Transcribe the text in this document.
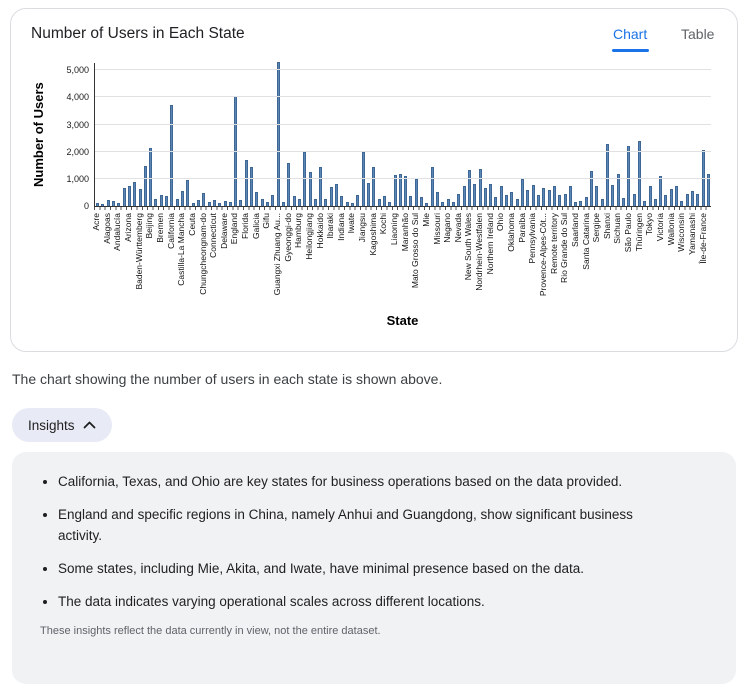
Number of Users in Each State	Chart Table
Number of Users
0
1,000
2,000
3,000
4,000
5,000
Acre Alagoas Andalucía Arizona Baden-Württemberg Beijing Bremen California Castilla-La Mancha Ceuta Chungcheongnam-do Connecticut Delaware England Florida Galicia Gifu Guangxi Zhuang Au... Gyeonggi-do Hamburg Heilongjiang Hokkaido Ibaraki Indiana Iwate Jiangsu Kagoshima Kochi Liaoning Maranhão Mato Grosso do Sul Mie Missouri Nagano Nevada New South Wales Nordrhein-Westfalen Northern Ireland Ohio Oklahoma Paraíba Pennsylvania Provence-Alpes-Côt... Remote territory Rio Grande do Sul Saarland Santa Catarina Sergipe Shanxi Sichuan São Paulo Thüringen Tokyo Victoria Wallonia Wisconsin Yamanashi Île-de-France
State
The chart showing the number of users in each state is shown above.
Insights
• California, Texas, and Ohio are key states for business operations based on the data provided.
• England and specific regions in China, namely Anhui and Guangdong, show significant business activity.
• Some states, including Mie, Akita, and Iwate, have minimal presence based on the data.
• The data indicates varying operational scales across different locations.
These insights reflect the data currently in view, not the entire dataset.
